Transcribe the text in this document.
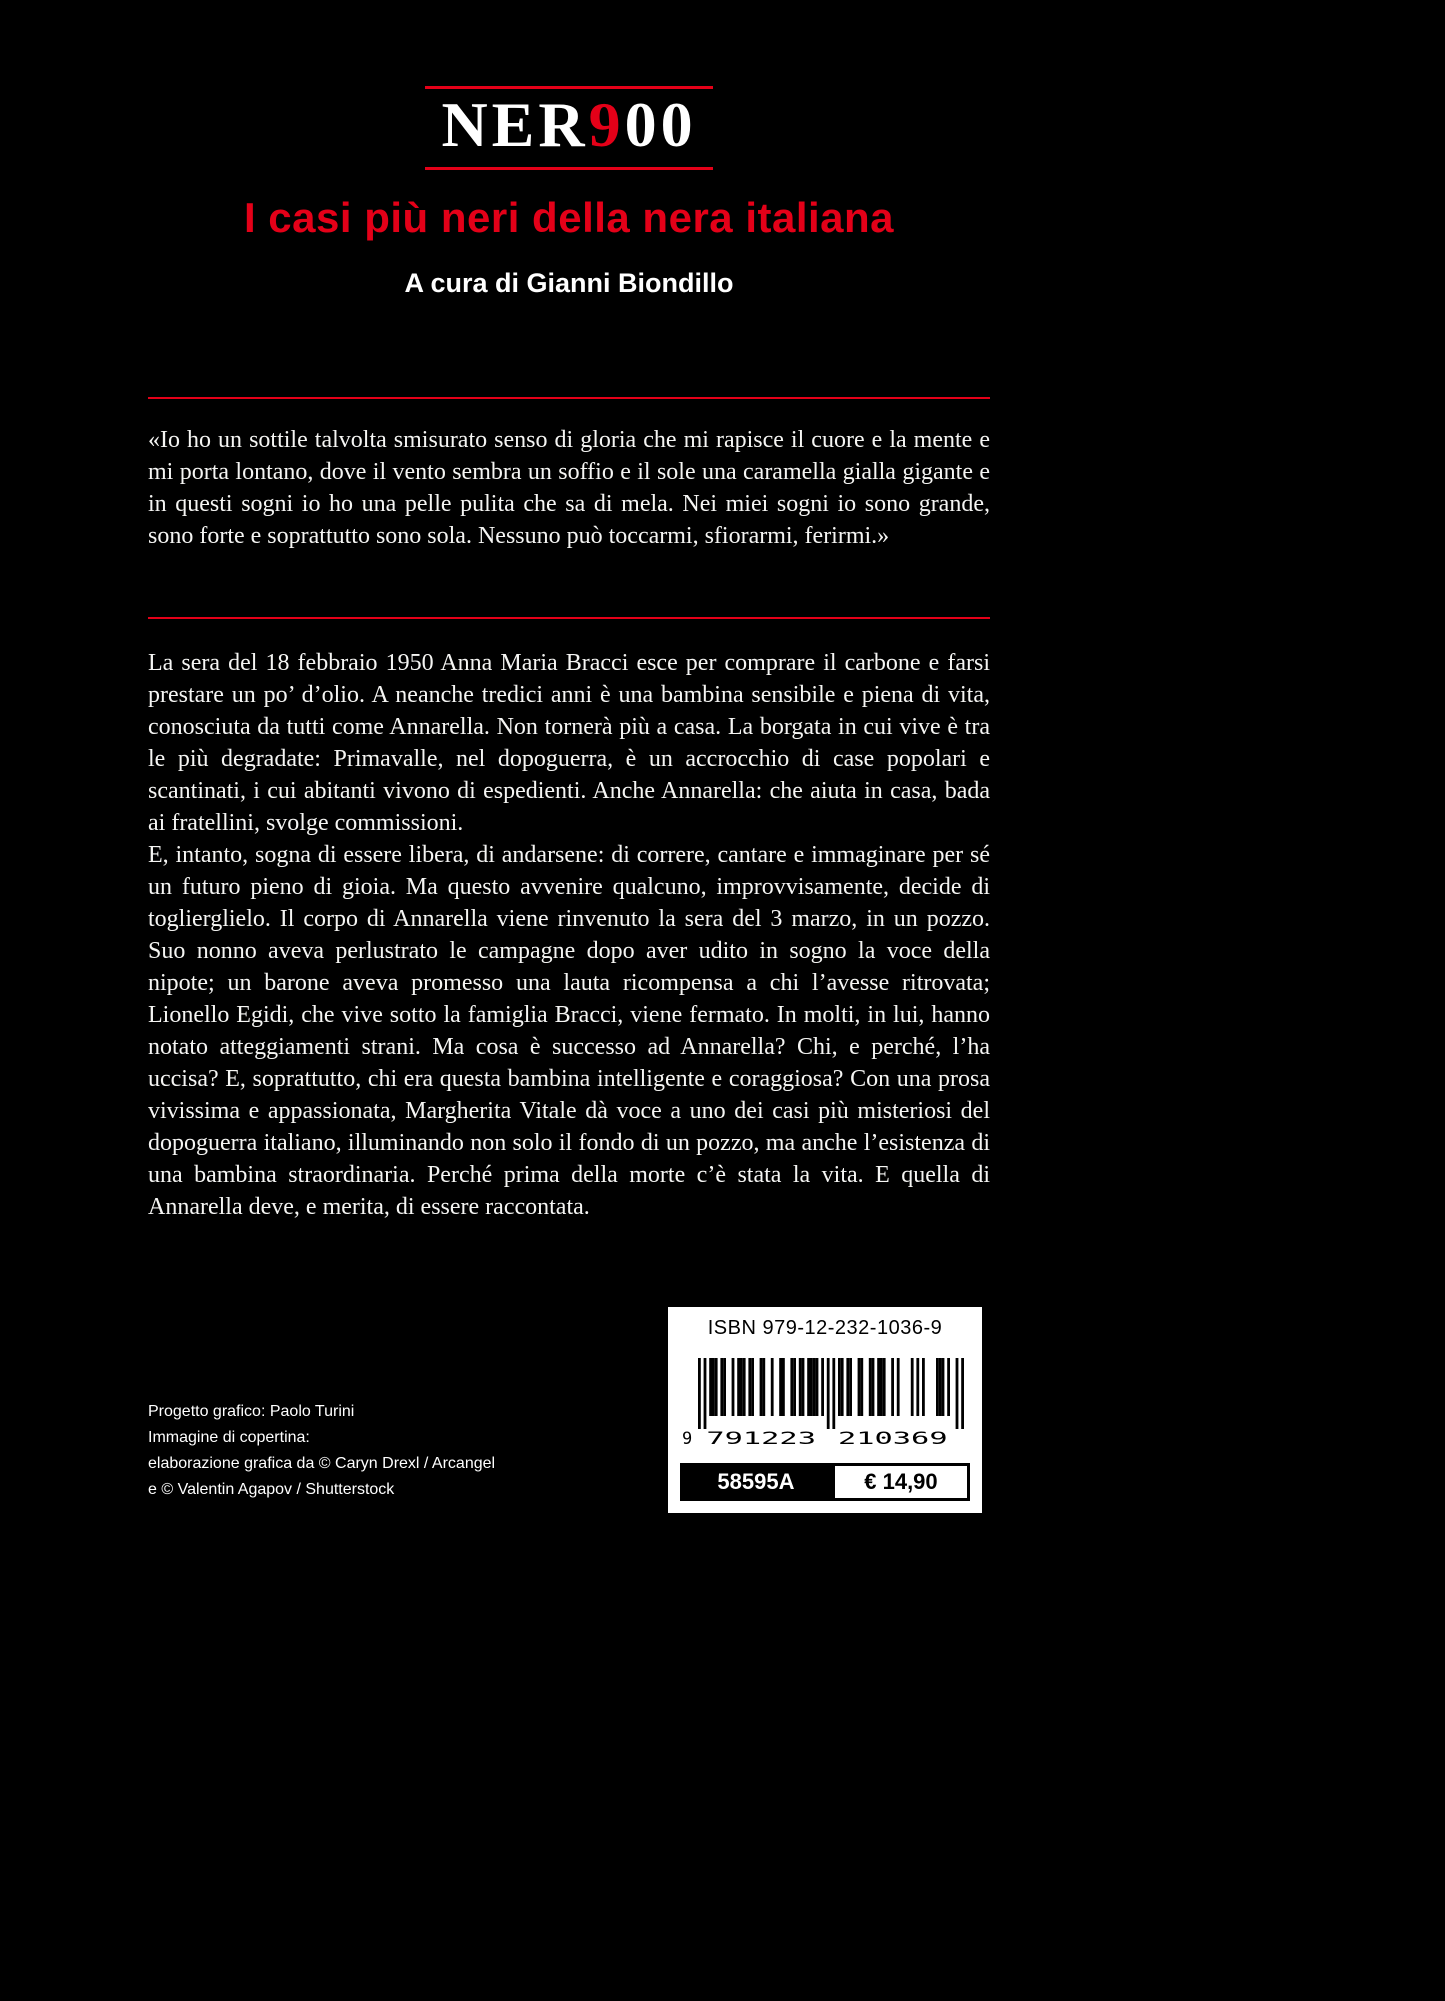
NER900
I casi più neri della nera italiana
A cura di Gianni Biondillo

«Io ho un sottile talvolta smisurato senso di gloria che mi rapisce il cuore e la mente e mi porta lontano, dove il vento sembra un soffio e il sole una caramella gialla gigante e in questi sogni io ho una pelle pulita che sa di mela. Nei miei sogni io sono grande, sono forte e soprattutto sono sola. Nessuno può toccarmi, sfiorarmi, ferirmi.»

La sera del 18 febbraio 1950 Anna Maria Bracci esce per comprare il carbone e farsi prestare un po’ d’olio. A neanche tredici anni è una bambina sensibile e piena di vita, conosciuta da tutti come Annarella. Non tornerà più a casa. La borgata in cui vive è tra le più degradate: Primavalle, nel dopoguerra, è un accrocchio di case popolari e scantinati, i cui abitanti vivono di espedienti. Anche Annarella: che aiuta in casa, bada ai fratellini, svolge commissioni.

E, intanto, sogna di essere libera, di andarsene: di correre, cantare e immaginare per sé un futuro pieno di gioia. Ma questo avvenire qualcuno, improvvisamente, decide di toglierglielo. Il corpo di Annarella viene rinvenuto la sera del 3 marzo, in un pozzo. Suo nonno aveva perlustrato le campagne dopo aver udito in sogno la voce della nipote; un barone aveva promesso una lauta ricompensa a chi l’avesse ritrovata; Lionello Egidi, che vive sotto la famiglia Bracci, viene fermato. In molti, in lui, hanno notato atteggiamenti strani. Ma cosa è successo ad Annarella? Chi, e perché, l’ha uccisa? E, soprattutto, chi era questa bambina intelligente e coraggiosa? Con una prosa vivissima e appassionata, Margherita Vitale dà voce a uno dei casi più misteriosi del dopoguerra italiano, illuminando non solo il fondo di un pozzo, ma anche l’esistenza di una bambina straordinaria. Perché prima della morte c’è stata la vita. E quella di Annarella deve, e merita, di essere raccontata.

Progetto grafico: Paolo Turini
Immagine di copertina:
elaborazione grafica da © Caryn Drexl / Arcangel
e © Valentin Agapov / Shutterstock
ISBN 979-12-232-1036-9
9 791223 210369
58595A	€ 14,90
